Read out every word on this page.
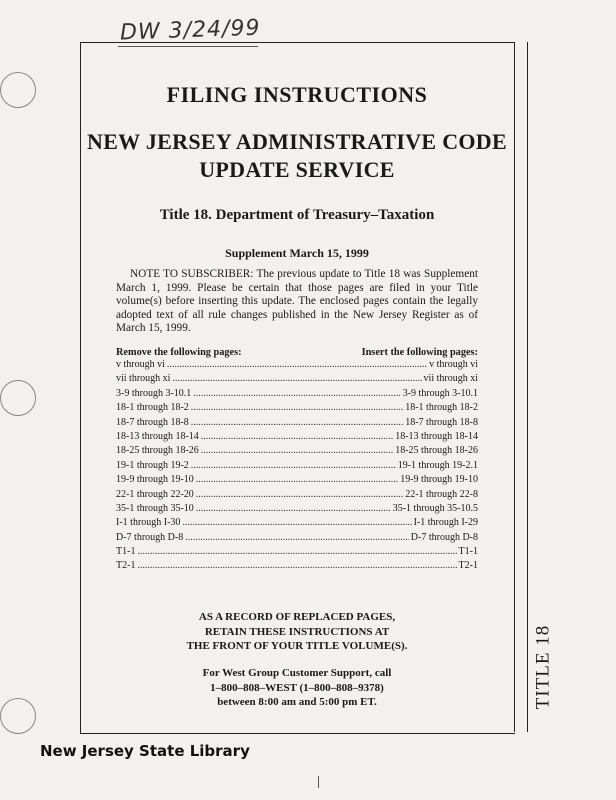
DW 3/24/99
TITLE 18
FILING INSTRUCTIONS
NEW JERSEY ADMINISTRATIVE CODE
UPDATE SERVICE
Title 18. Department of Treasury–Taxation
Supplement March 15, 1999
NOTE TO SUBSCRIBER: The previous update to Title 18 was Supplement March 1, 1999. Please be certain that those pages are filed in your Title volume(s) before inserting this update. The enclosed pages contain the legally adopted text of all rule changes published in the New Jersey Register as of March 15, 1999.
Remove the following pages:	Insert the following pages:
v through vi .....	v through vi
vii through xi .....	vii through xi
3-9 through 3-10.1 .....	3-9 through 3-10.1
18-1 through 18-2 .....	18-1 through 18-2
18-7 through 18-8 .....	18-7 through 18-8
18-13 through 18-14 .....	18-13 through 18-14
18-25 through 18-26 .....	18-25 through 18-26
19-1 through 19-2 .....	19-1 through 19-2.1
19-9 through 19-10 .....	19-9 through 19-10
22-1 through 22-20 .....	22-1 through 22-8
35-1 through 35-10 .....	35-1 through 35-10.5
I-1 through I-30 .....	I-1 through I-29
D-7 through D-8 .....	D-7 through D-8
T1-1 .....	T1-1
T2-1 .....	T2-1
AS A RECORD OF REPLACED PAGES,
RETAIN THESE INSTRUCTIONS AT
THE FRONT OF YOUR TITLE VOLUME(S).
For West Group Customer Support, call
1–800–808–WEST (1–800–808–9378)
between 8:00 am and 5:00 pm ET.
New Jersey State Library
